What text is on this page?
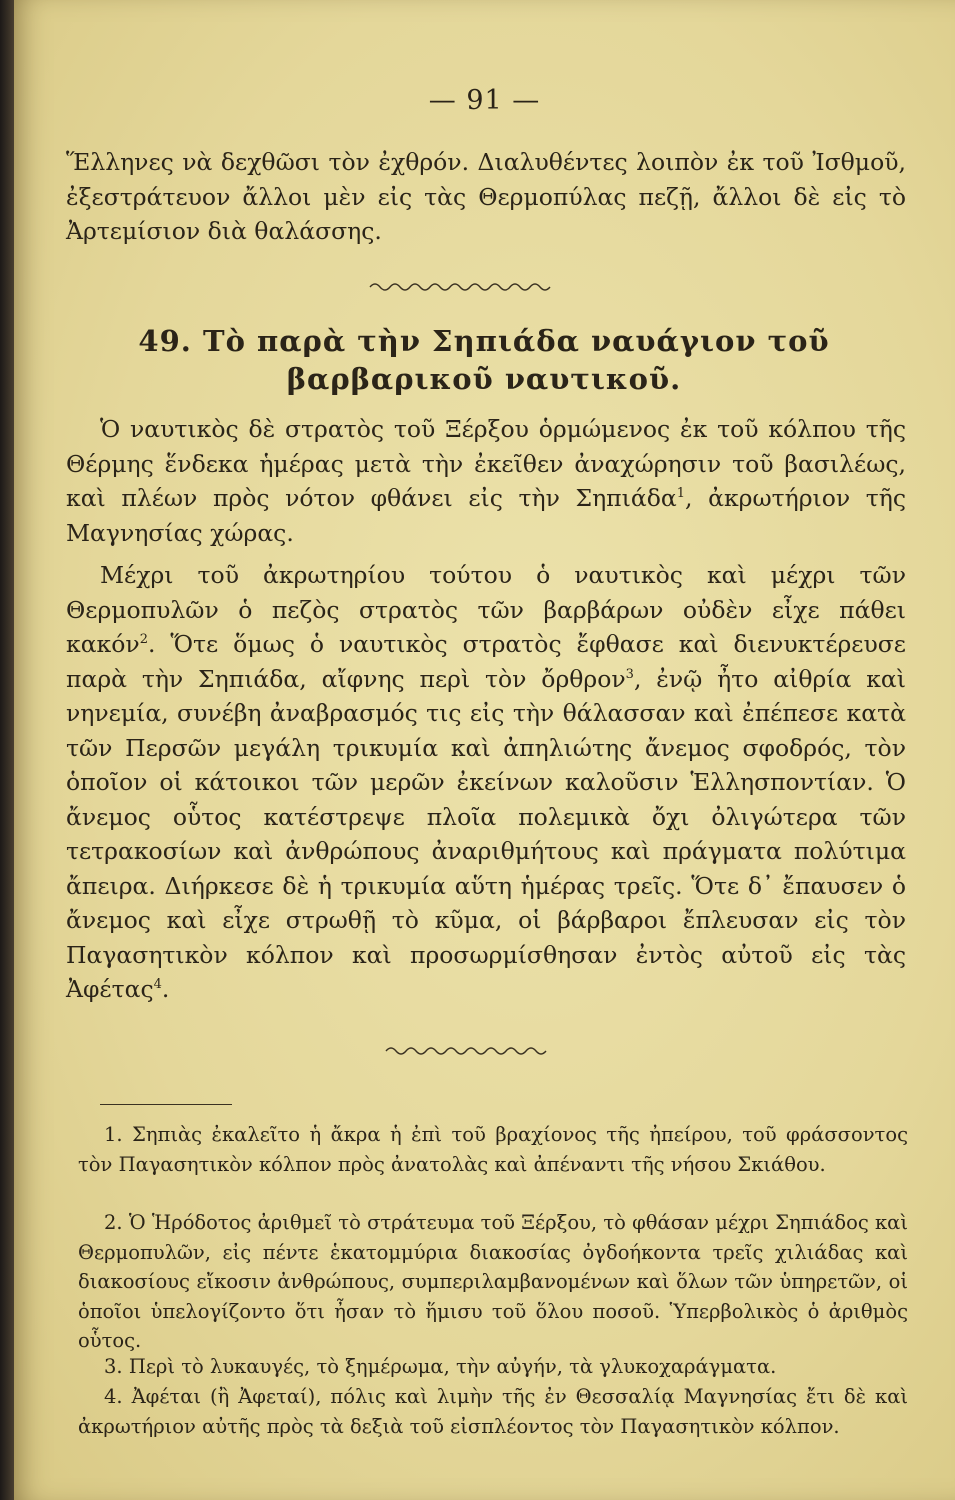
— 91 —

Ἕλληνες νὰ δεχθῶσι τὸν ἐχθρόν. Διαλυθέντες λοιπὸν ἐκ τοῦ Ἰσθμοῦ, ἐξεστράτευον ἄλλοι μὲν εἰς τὰς Θερμοπύλας πεζῇ, ἄλλοι δὲ εἰς τὸ Ἀρτεμίσιον διὰ θαλάσσης.

49. Τὸ παρὰ τὴν Σηπιάδα ναυάγιον τοῦ
βαρβαρικοῦ ναυτικοῦ.

Ὁ ναυτικὸς δὲ στρατὸς τοῦ Ξέρξου ὁρμώμενος ἐκ τοῦ κόλπου τῆς Θέρμης ἕνδεκα ἡμέρας μετὰ τὴν ἐκεῖθεν ἀναχώρησιν τοῦ βασιλέως, καὶ πλέων πρὸς νότον φθάνει εἰς τὴν Σηπιάδα$^1$, ἀκρωτήριον τῆς Μαγνησίας χώρας.

Μέχρι τοῦ ἀκρωτηρίου τούτου ὁ ναυτικὸς καὶ μέχρι τῶν Θερμοπυλῶν ὁ πεζὸς στρατὸς τῶν βαρβάρων οὐδὲν εἶχε πάθει κακόν$^2$. Ὅτε ὅμως ὁ ναυτικὸς στρατὸς ἔφθασε καὶ διενυκτέρευσε παρὰ τὴν Σηπιάδα, αἴφνης περὶ τὸν ὄρθρον$^3$, ἐνῷ ἦτο αἰθρία καὶ νηνεμία, συνέβη ἀναβρασμός τις εἰς τὴν θάλασσαν καὶ ἐπέπεσε κατὰ τῶν Περσῶν μεγάλη τρικυμία καὶ ἀπηλιώτης ἄνεμος σφοδρός, τὸν ὁποῖον οἱ κάτοικοι τῶν μερῶν ἐκείνων καλοῦσιν Ἑλλησποντίαν. Ὁ ἄνεμος οὗτος κατέστρεψε πλοῖα πολεμικὰ ὄχι ὀλιγώτερα τῶν τετρακοσίων καὶ ἀνθρώπους ἀναριθμήτους καὶ πράγματα πολύτιμα ἄπειρα. Διήρκεσε δὲ ἡ τρικυμία αὕτη ἡμέρας τρεῖς. Ὅτε δ᾽ ἔπαυσεν ὁ ἄνεμος καὶ εἶχε στρωθῇ τὸ κῦμα, οἱ βάρβαροι ἔπλευσαν εἰς τὸν Παγασητικὸν κόλπον καὶ προσωρμίσθησαν ἐντὸς αὐτοῦ εἰς τὰς Ἀφέτας$^4$.

1. Σηπιὰς ἐκαλεῖτο ἡ ἄκρα ἡ ἐπὶ τοῦ βραχίονος τῆς ἠπείρου, τοῦ φράσσοντος τὸν Παγασητικὸν κόλπον πρὸς ἀνατολὰς καὶ ἀπέναντι τῆς νήσου Σκιάθου.

2. Ὁ Ἡρόδοτος ἀριθμεῖ τὸ στράτευμα τοῦ Ξέρξου, τὸ φθάσαν μέχρι Σηπιάδος καὶ Θερμοπυλῶν, εἰς πέντε ἑκατομμύρια διακοσίας ὀγδοήκοντα τρεῖς χιλιάδας καὶ διακοσίους εἴκοσιν ἀνθρώπους, συμπεριλαμβανομένων καὶ ὅλων τῶν ὑπηρετῶν, οἱ ὁποῖοι ὑπελογίζοντο ὅτι ἦσαν τὸ ἥμισυ τοῦ ὅλου ποσοῦ. Ὑπερβολικὸς ὁ ἀριθμὸς οὗτος.

3. Περὶ τὸ λυκαυγές, τὸ ξημέρωμα, τὴν αὐγήν, τὰ γλυκοχαράγματα.

4. Ἀφέται (ἢ Ἀφεταί), πόλις καὶ λιμὴν τῆς ἐν Θεσσαλίᾳ Μαγνησίας ἔτι δὲ καὶ ἀκρωτήριον αὐτῆς πρὸς τὰ δεξιὰ τοῦ εἰσπλέοντος τὸν Παγασητικὸν κόλπον.
